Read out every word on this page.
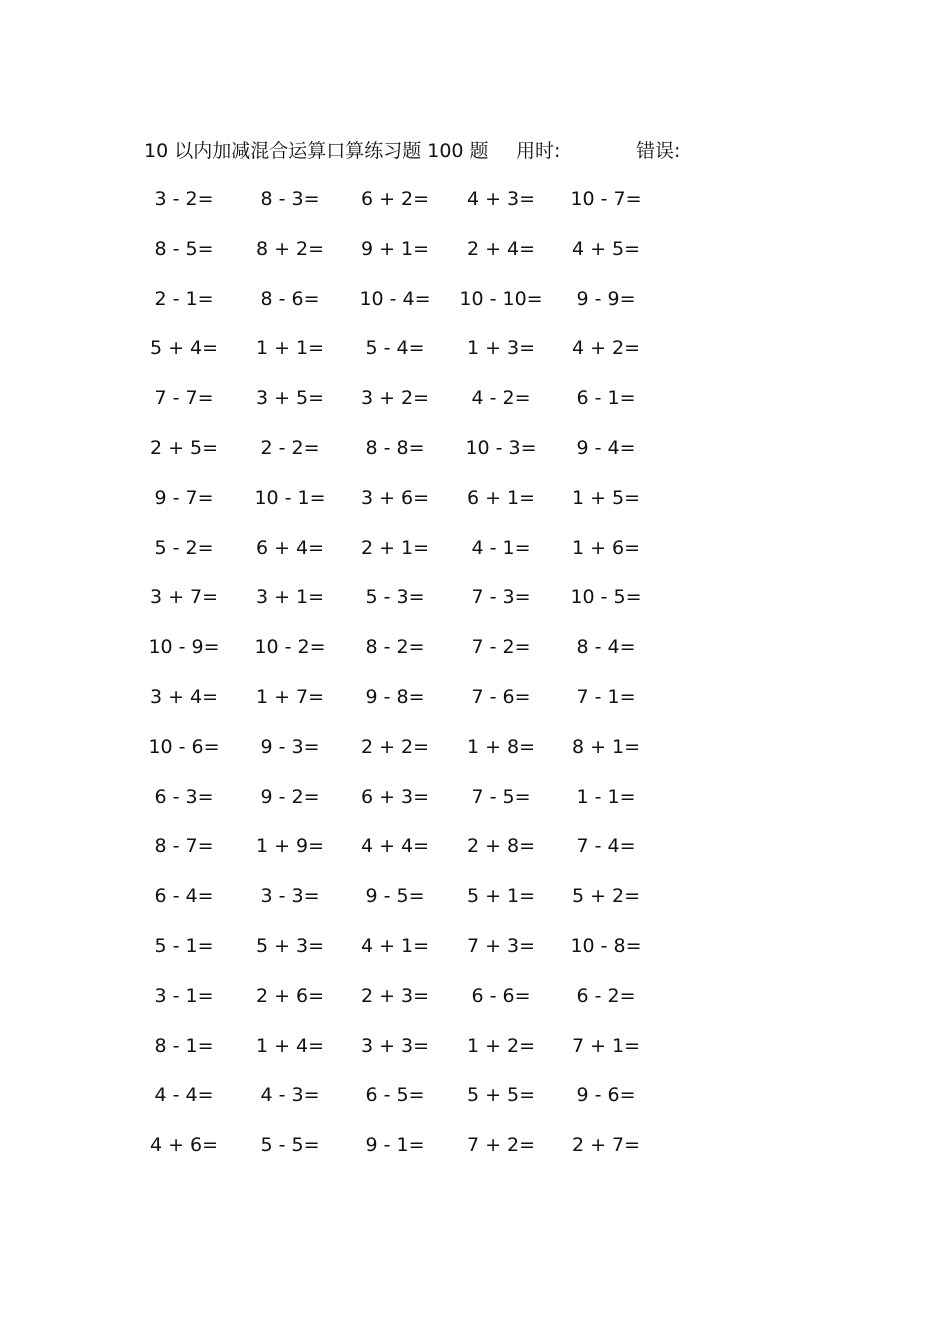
10 以内加减混合运算口算练习题 100 题 用时:	错误:
3 - 2=	8 - 3=	6 + 2=	4 + 3=	10 - 7=
8 - 5=	8 + 2=	9 + 1=	2 + 4=	4 + 5=
2 - 1=	8 - 6=	10 - 4=	10 - 10=	9 - 9=
5 + 4=	1 + 1=	5 - 4=	1 + 3=	4 + 2=
7 - 7=	3 + 5=	3 + 2=	4 - 2=	6 - 1=
2 + 5=	2 - 2=	8 - 8=	10 - 3=	9 - 4=
9 - 7=	10 - 1=	3 + 6=	6 + 1=	1 + 5=
5 - 2=	6 + 4=	2 + 1=	4 - 1=	1 + 6=
3 + 7=	3 + 1=	5 - 3=	7 - 3=	10 - 5=
10 - 9=	10 - 2=	8 - 2=	7 - 2=	8 - 4=
3 + 4=	1 + 7=	9 - 8=	7 - 6=	7 - 1=
10 - 6=	9 - 3=	2 + 2=	1 + 8=	8 + 1=
6 - 3=	9 - 2=	6 + 3=	7 - 5=	1 - 1=
8 - 7=	1 + 9=	4 + 4=	2 + 8=	7 - 4=
6 - 4=	3 - 3=	9 - 5=	5 + 1=	5 + 2=
5 - 1=	5 + 3=	4 + 1=	7 + 3=	10 - 8=
3 - 1=	2 + 6=	2 + 3=	6 - 6=	6 - 2=
8 - 1=	1 + 4=	3 + 3=	1 + 2=	7 + 1=
4 - 4=	4 - 3=	6 - 5=	5 + 5=	9 - 6=
4 + 6=	5 - 5=	9 - 1=	7 + 2=	2 + 7=
